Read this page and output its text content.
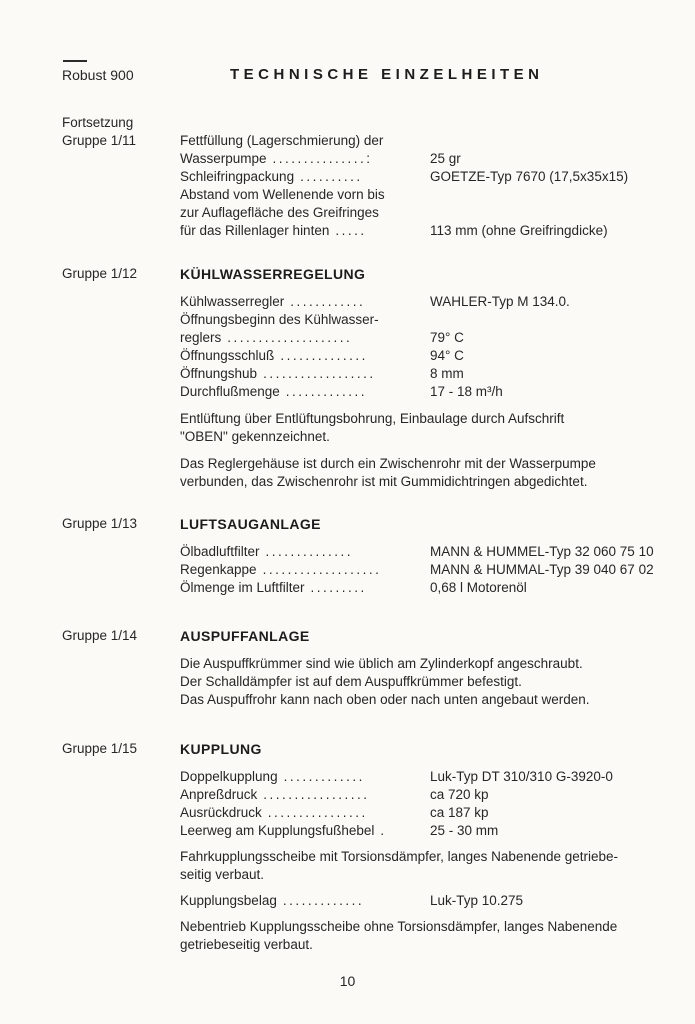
Robust 900	TECHNISCHE EINZELHEITEN
Fortsetzung
Gruppe 1/11	Fettfüllung (Lagerschmierung) der
Wasserpumpe ...............:	25 gr
Schleifringpackung ..........	GOETZE-Typ 7670 (17,5x35x15)
Abstand vom Wellenende vorn bis
zur Auflagefläche des Greifringes
für das Rillenlager hinten .....	113 mm (ohne Greifringdicke)
Gruppe 1/12	KÜHLWASSERREGELUNG
Kühlwasserregler ............	WAHLER-Typ M 134.0.
Öffnungsbeginn des Kühlwasser-
reglers ....................	79° C
Öffnungsschluß ..............	94° C
Öffnungshub ..................	8 mm
Durchflußmenge .............	17 - 18 m³/h
Entlüftung über Entlüftungsbohrung, Einbaulage durch Aufschrift
"OBEN" gekennzeichnet.
Das Reglergehäuse ist durch ein Zwischenrohr mit der Wasserpumpe
verbunden, das Zwischenrohr ist mit Gummidichtringen abgedichtet.
Gruppe 1/13	LUFTSAUGANLAGE
Ölbadluftfilter ..............	MANN & HUMMEL-Typ 32 060 75 10
Regenkappe ...................	MANN & HUMMAL-Typ 39 040 67 02
Ölmenge im Luftfilter .........	0,68 l Motorenöl
Gruppe 1/14	AUSPUFFANLAGE
Die Auspuffkrümmer sind wie üblich am Zylinderkopf angeschraubt.
Der Schalldämpfer ist auf dem Auspuffkrümmer befestigt.
Das Auspuffrohr kann nach oben oder nach unten angebaut werden.
Gruppe 1/15	KUPPLUNG
Doppelkupplung .............	Luk-Typ DT 310/310 G-3920-0
Anpreßdruck .................	ca 720 kp
Ausrückdruck ................	ca 187 kp
Leerweg am Kupplungsfußhebel .	25 - 30 mm
Fahrkupplungsscheibe mit Torsionsdämpfer, langes Nabenende getriebe-
seitig verbaut.
Kupplungsbelag .............	Luk-Typ 10.275
Nebentrieb Kupplungsscheibe ohne Torsionsdämpfer, langes Nabenende
getriebeseitig verbaut.
10
